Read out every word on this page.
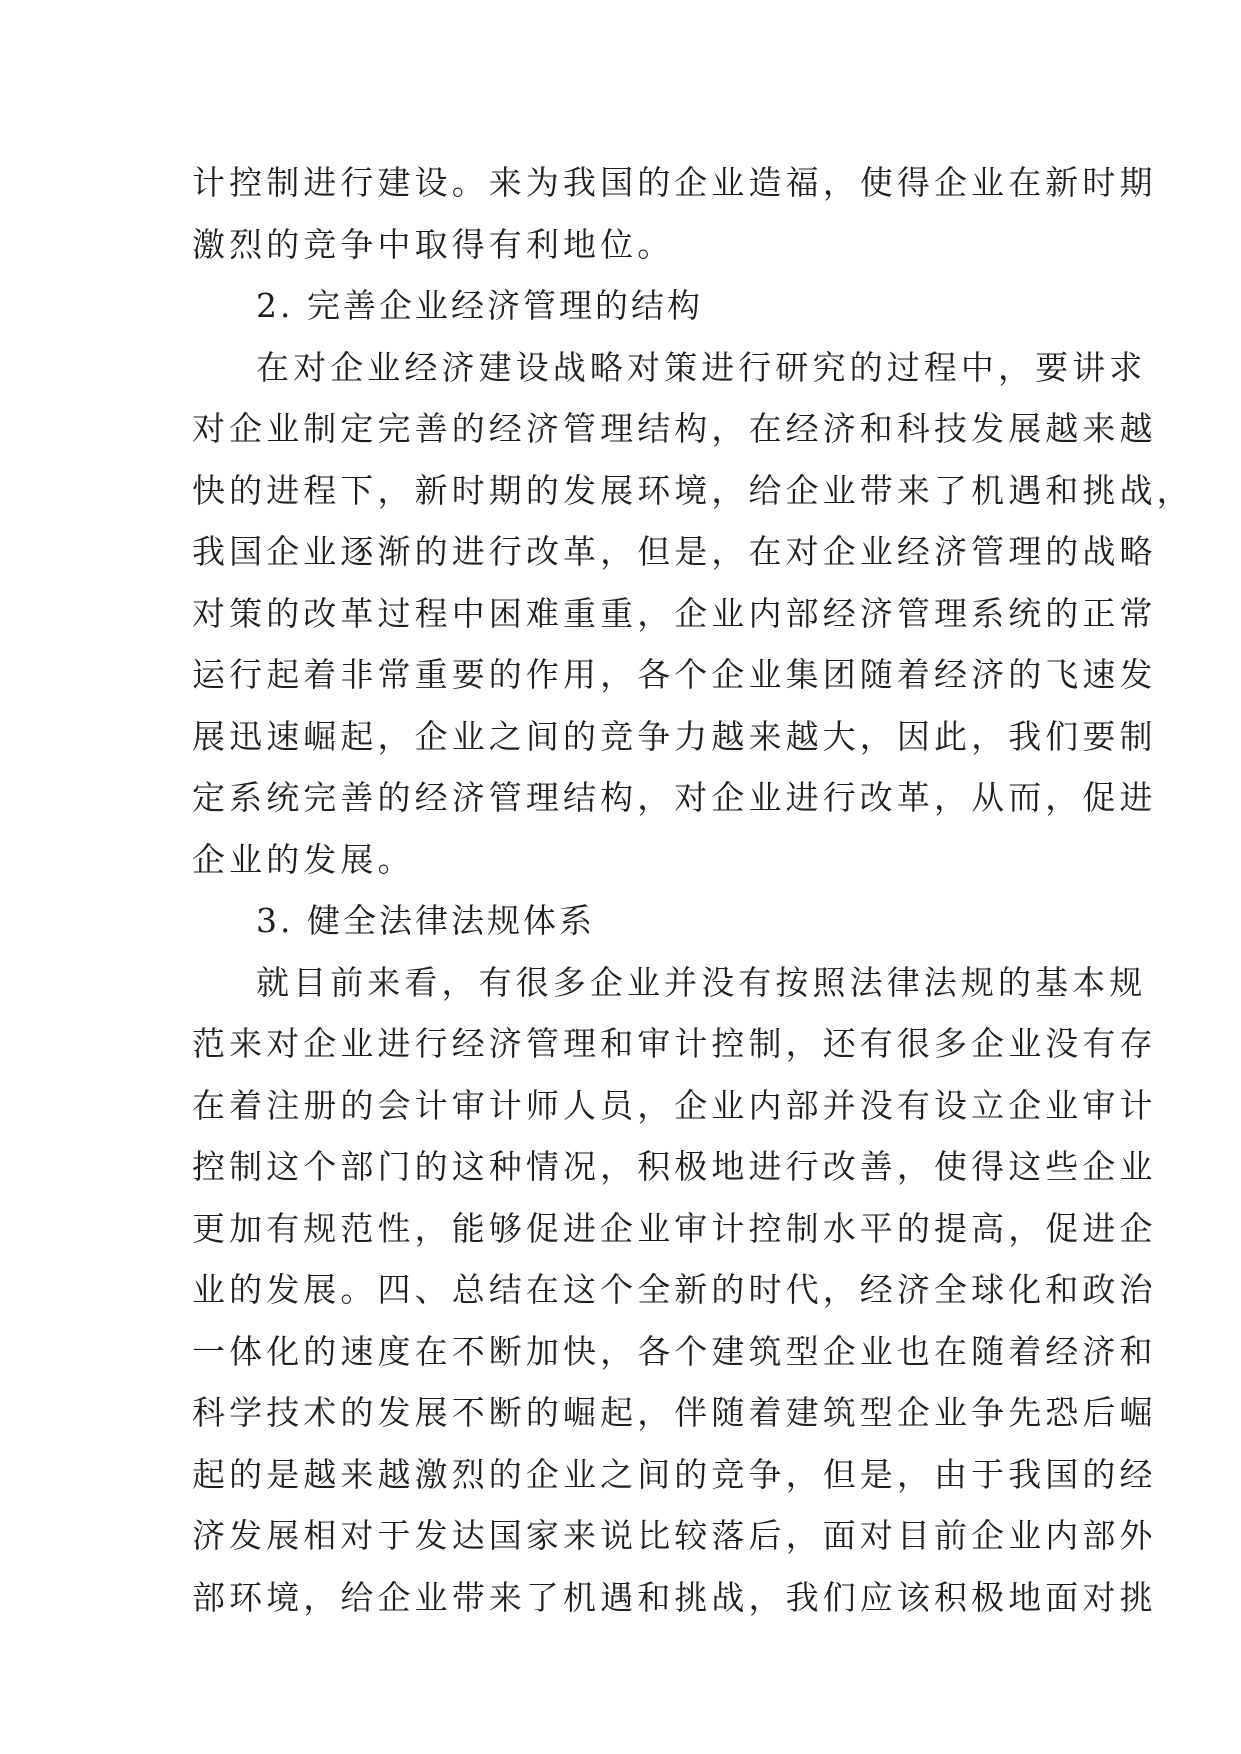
计控制进行建设。来为我国的企业造福，使得企业在新时期
激烈的竞争中取得有利地位。
2. 完善企业经济管理的结构
在对企业经济建设战略对策进行研究的过程中，要讲求
对企业制定完善的经济管理结构，在经济和科技发展越来越
快的进程下，新时期的发展环境，给企业带来了机遇和挑战，
我国企业逐渐的进行改革，但是，在对企业经济管理的战略
对策的改革过程中困难重重，企业内部经济管理系统的正常
运行起着非常重要的作用，各个企业集团随着经济的飞速发
展迅速崛起，企业之间的竞争力越来越大，因此，我们要制
定系统完善的经济管理结构，对企业进行改革，从而，促进
企业的发展。
3. 健全法律法规体系
就目前来看，有很多企业并没有按照法律法规的基本规
范来对企业进行经济管理和审计控制，还有很多企业没有存
在着注册的会计审计师人员，企业内部并没有设立企业审计
控制这个部门的这种情况，积极地进行改善，使得这些企业
更加有规范性，能够促进企业审计控制水平的提高，促进企
业的发展。四、总结在这个全新的时代，经济全球化和政治
一体化的速度在不断加快，各个建筑型企业也在随着经济和
科学技术的发展不断的崛起，伴随着建筑型企业争先恐后崛
起的是越来越激烈的企业之间的竞争，但是，由于我国的经
济发展相对于发达国家来说比较落后，面对目前企业内部外
部环境，给企业带来了机遇和挑战，我们应该积极地面对挑
